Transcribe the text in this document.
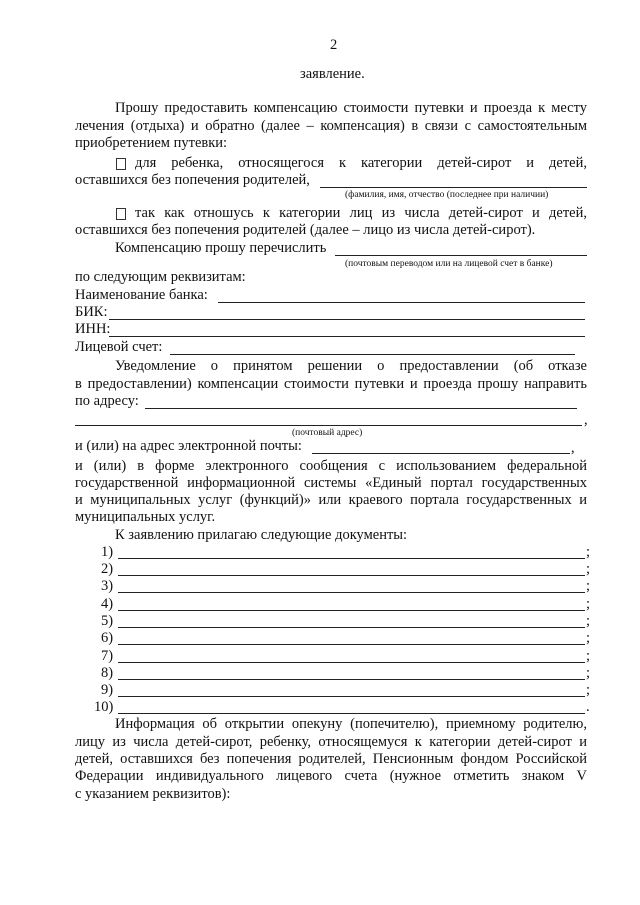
2
заявление.
Прошу предоставить компенсацию стоимости путевки и проезда к месту
лечения (отдыха) и обратно (далее – компенсация) в связи с самостоятельным
приобретением путевки:
для ребенка, относящегося к категории детей-сирот и детей,
оставшихся без попечения родителей,
(фамилия, имя, отчество (последнее при наличии)
так как отношусь к категории лиц из числа детей-сирот и детей,
оставшихся без попечения родителей (далее – лицо из числа детей-сирот).
Компенсацию прошу перечислить
(почтовым переводом или на лицевой счет в банке)
по следующим реквизитам:
Наименование банка:
БИК:
ИНН:
Лицевой счет:
Уведомление о принятом решении о предоставлении (об отказе
в предоставлении) компенсации стоимости путевки и проезда прошу направить
по адресу:
,
(почтовый адрес)
и (или) на адрес электронной почты:	,
и (или) в форме электронного сообщения с использованием федеральной
государственной информационной системы «Единый портал государственных
и муниципальных услуг (функций)» или краевого портала государственных и
муниципальных услуг.
К заявлению прилагаю следующие документы:
1)	;
2)	;
3)	;
4)	;
5)	;
6)	;
7)	;
8)	;
9)	;
10)	.
Информация об открытии опекуну (попечителю), приемному родителю,
лицу из числа детей-сирот, ребенку, относящемуся к категории детей-сирот и
детей, оставшихся без попечения родителей, Пенсионным фондом Российской
Федерации индивидуального лицевого счета (нужное отметить знаком V
с указанием реквизитов):
